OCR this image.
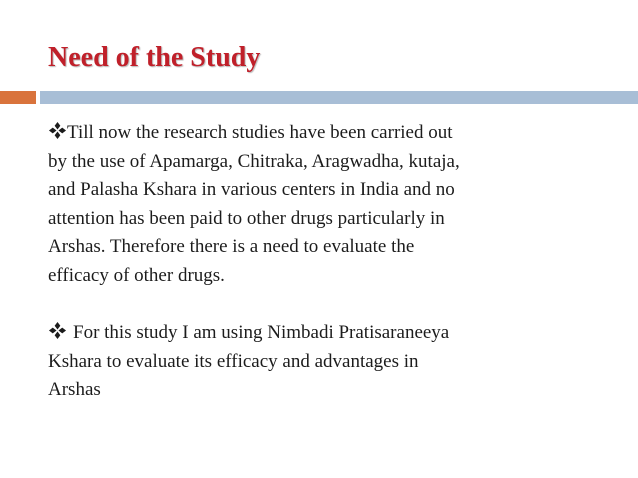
Need of the Study

Till now the research studies have been carried out
by the use of Apamarga, Chitraka, Aragwadha, kutaja,
and Palasha Kshara in various centers in India and no
attention has been paid to other drugs particularly in
Arshas. Therefore there is a need to evaluate the
efficacy of other drugs.

For this study I am using Nimbadi Pratisaraneeya
Kshara to evaluate its efficacy and advantages in
Arshas
